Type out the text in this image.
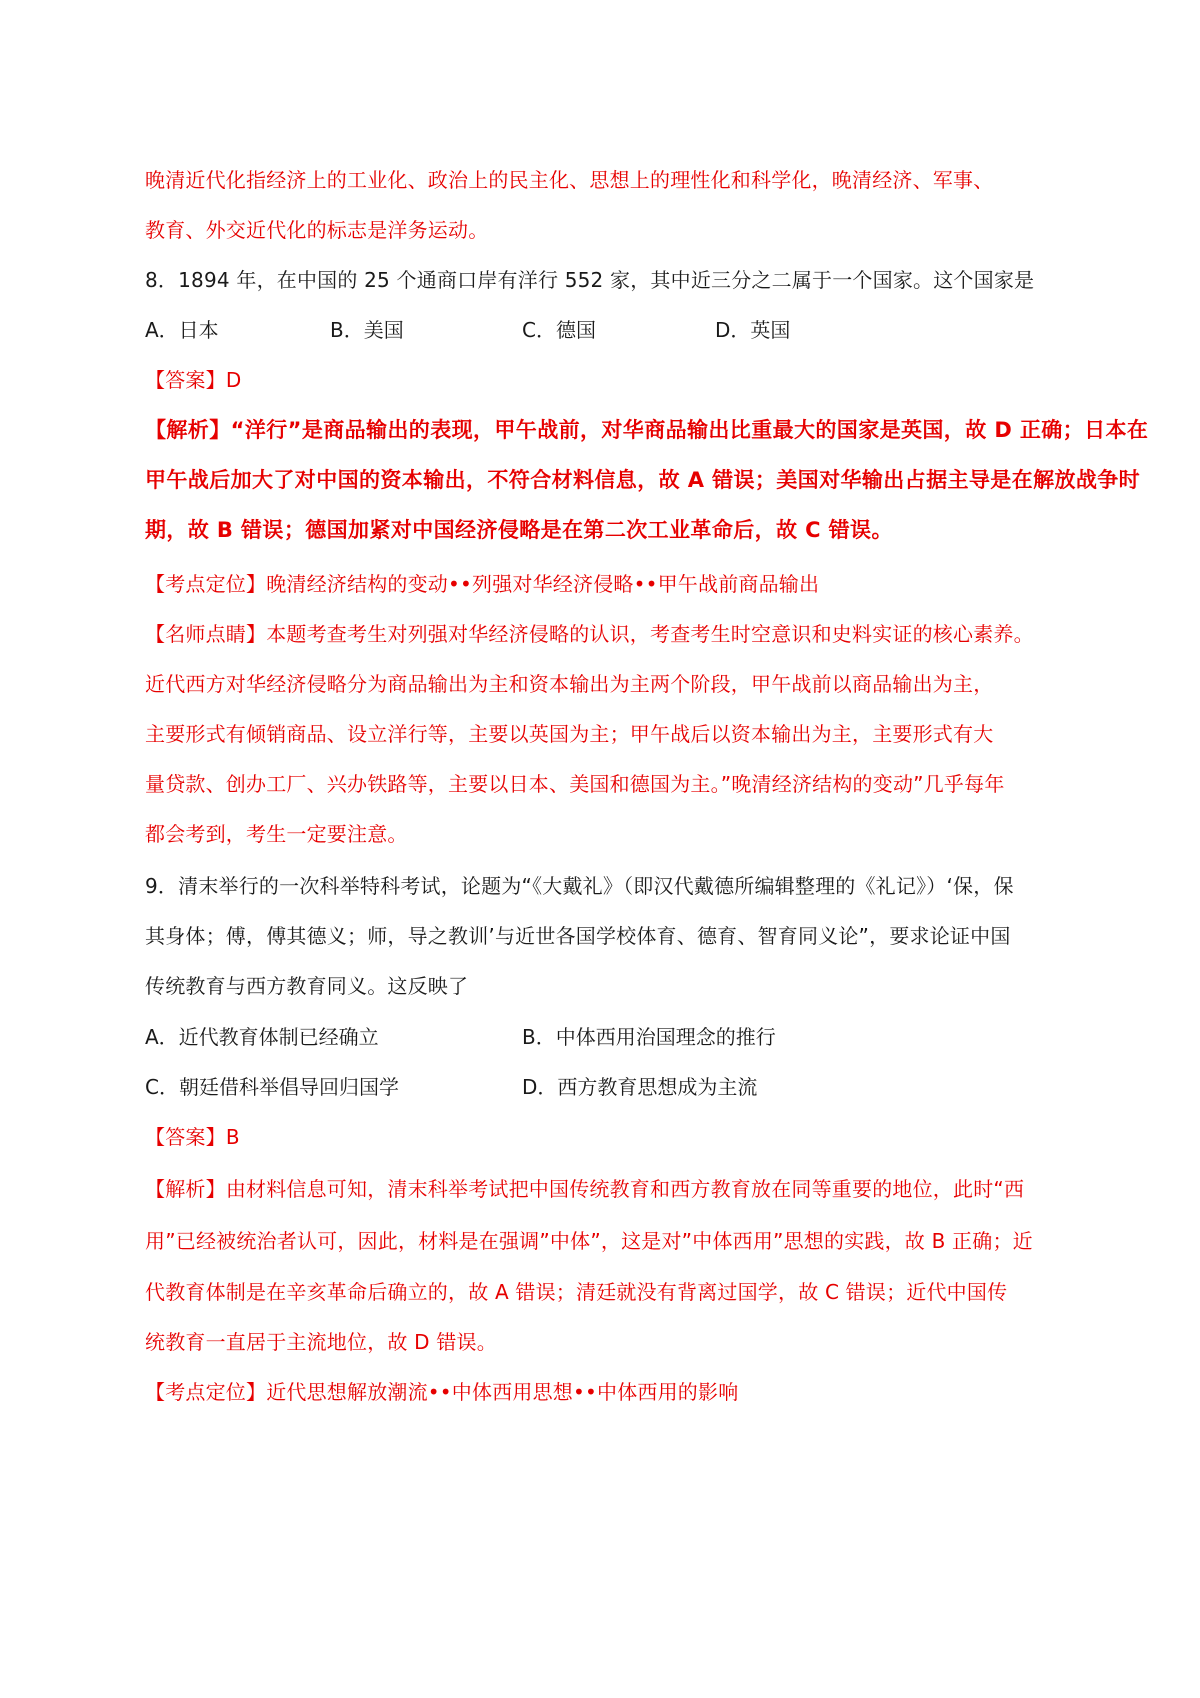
晚清近代化指经济上的工业化、政治上的民主化、思想上的理性化和科学化，晚清经济、军事、

教育、外交近代化的标志是洋务运动。

8．1894 年，在中国的 25 个通商口岸有洋行 552 家，其中近三分之二属于一个国家。这个国家是

A．日本	B．美国	C．德国	D．英国

【答案】D

【解析】“洋行”是商品输出的表现，甲午战前，对华商品输出比重最大的国家是英国，故 D 正确；日本在

甲午战后加大了对中国的资本输出，不符合材料信息，故 A 错误；美国对华输出占据主导是在解放战争时

期，故 B 错误；德国加紧对中国经济侵略是在第二次工业革命后，故 C 错误。

【考点定位】晚清经济结构的变动••列强对华经济侵略••甲午战前商品输出

【名师点睛】本题考查考生对列强对华经济侵略的认识，考查考生时空意识和史料实证的核心素养。

近代西方对华经济侵略分为商品输出为主和资本输出为主两个阶段，甲午战前以商品输出为主，

主要形式有倾销商品、设立洋行等，主要以英国为主；甲午战后以资本输出为主，主要形式有大

量贷款、创办工厂、兴办铁路等，主要以日本、美国和德国为主。”晚清经济结构的变动”几乎每年

都会考到，考生一定要注意。

9．清末举行的一次科举特科考试，论题为“《大戴礼》（即汉代戴德所编辑整理的《礼记》）‘保，保

其身体；傅，傅其德义；师，导之教训’与近世各国学校体育、德育、智育同义论”，要求论证中国

传统教育与西方教育同义。这反映了

A．近代教育体制已经确立	B．中体西用治国理念的推行
C．朝廷借科举倡导回归国学	D．西方教育思想成为主流

【答案】B

【解析】由材料信息可知，清末科举考试把中国传统教育和西方教育放在同等重要的地位，此时“西

用”已经被统治者认可，因此，材料是在强调”中体”，这是对”中体西用”思想的实践，故 B 正确；近

代教育体制是在辛亥革命后确立的，故 A 错误；清廷就没有背离过国学，故 C 错误；近代中国传

统教育一直居于主流地位，故 D 错误。

【考点定位】近代思想解放潮流••中体西用思想••中体西用的影响
